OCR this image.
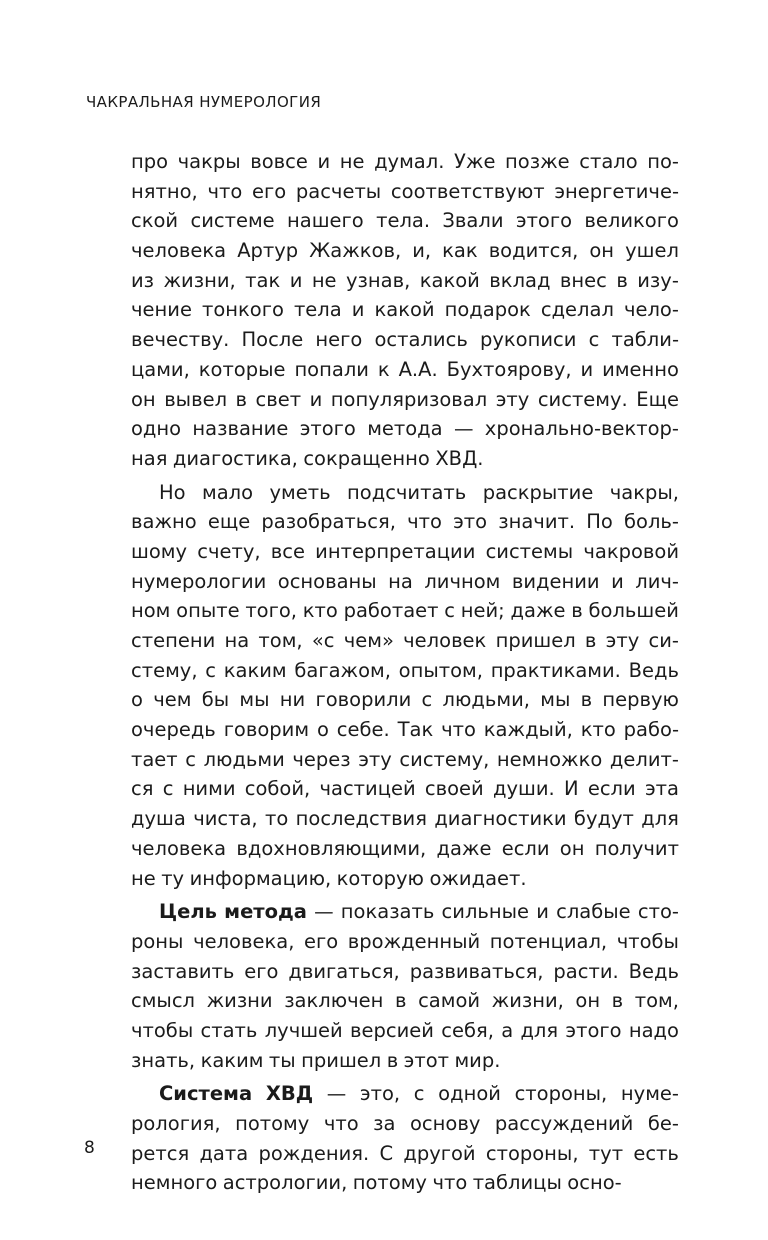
ЧАКРАЛЬНАЯ НУМЕРОЛОГИЯ
про чакры вовсе и не думал. Уже позже стало по-
нятно, что его расчеты соответствуют энергетиче-
ской системе нашего тела. Звали этого великого
человека Артур Жажков, и, как водится, он ушел
из жизни, так и не узнав, какой вклад внес в изу-
чение тонкого тела и какой подарок сделал чело-
вечеству. После него остались рукописи с табли-
цами, которые попали к А.А. Бухтоярову, и именно
он вывел в свет и популяризовал эту систему. Еще
одно название этого метода — хронально-вектор-
ная диагостика, сокращенно ХВД.
Но мало уметь подсчитать раскрытие чакры,
важно еще разобраться, что это значит. По боль-
шому счету, все интерпретации системы чакровой
нумерологии основаны на личном видении и лич-
ном опыте того, кто работает с ней; даже в большей
степени на том, «с чем» человек пришел в эту си-
стему, с каким багажом, опытом, практиками. Ведь
о чем бы мы ни говорили с людьми, мы в первую
очередь говорим о себе. Так что каждый, кто рабо-
тает с людьми через эту систему, немножко делит-
ся с ними собой, частицей своей души. И если эта
душа чиста, то последствия диагностики будут для
человека вдохновляющими, даже если он получит
не ту информацию, которую ожидает.
Цель метода — показать сильные и слабые сто-
роны человека, его врожденный потенциал, чтобы
заставить его двигаться, развиваться, расти. Ведь
смысл жизни заключен в самой жизни, он в том,
чтобы стать лучшей версией себя, а для этого надо
знать, каким ты пришел в этот мир.
Система ХВД — это, с одной стороны, нуме-
рология, потому что за основу рассуждений бе-
рется дата рождения. С другой стороны, тут есть
немного астрологии, потому что таблицы осно-
8
